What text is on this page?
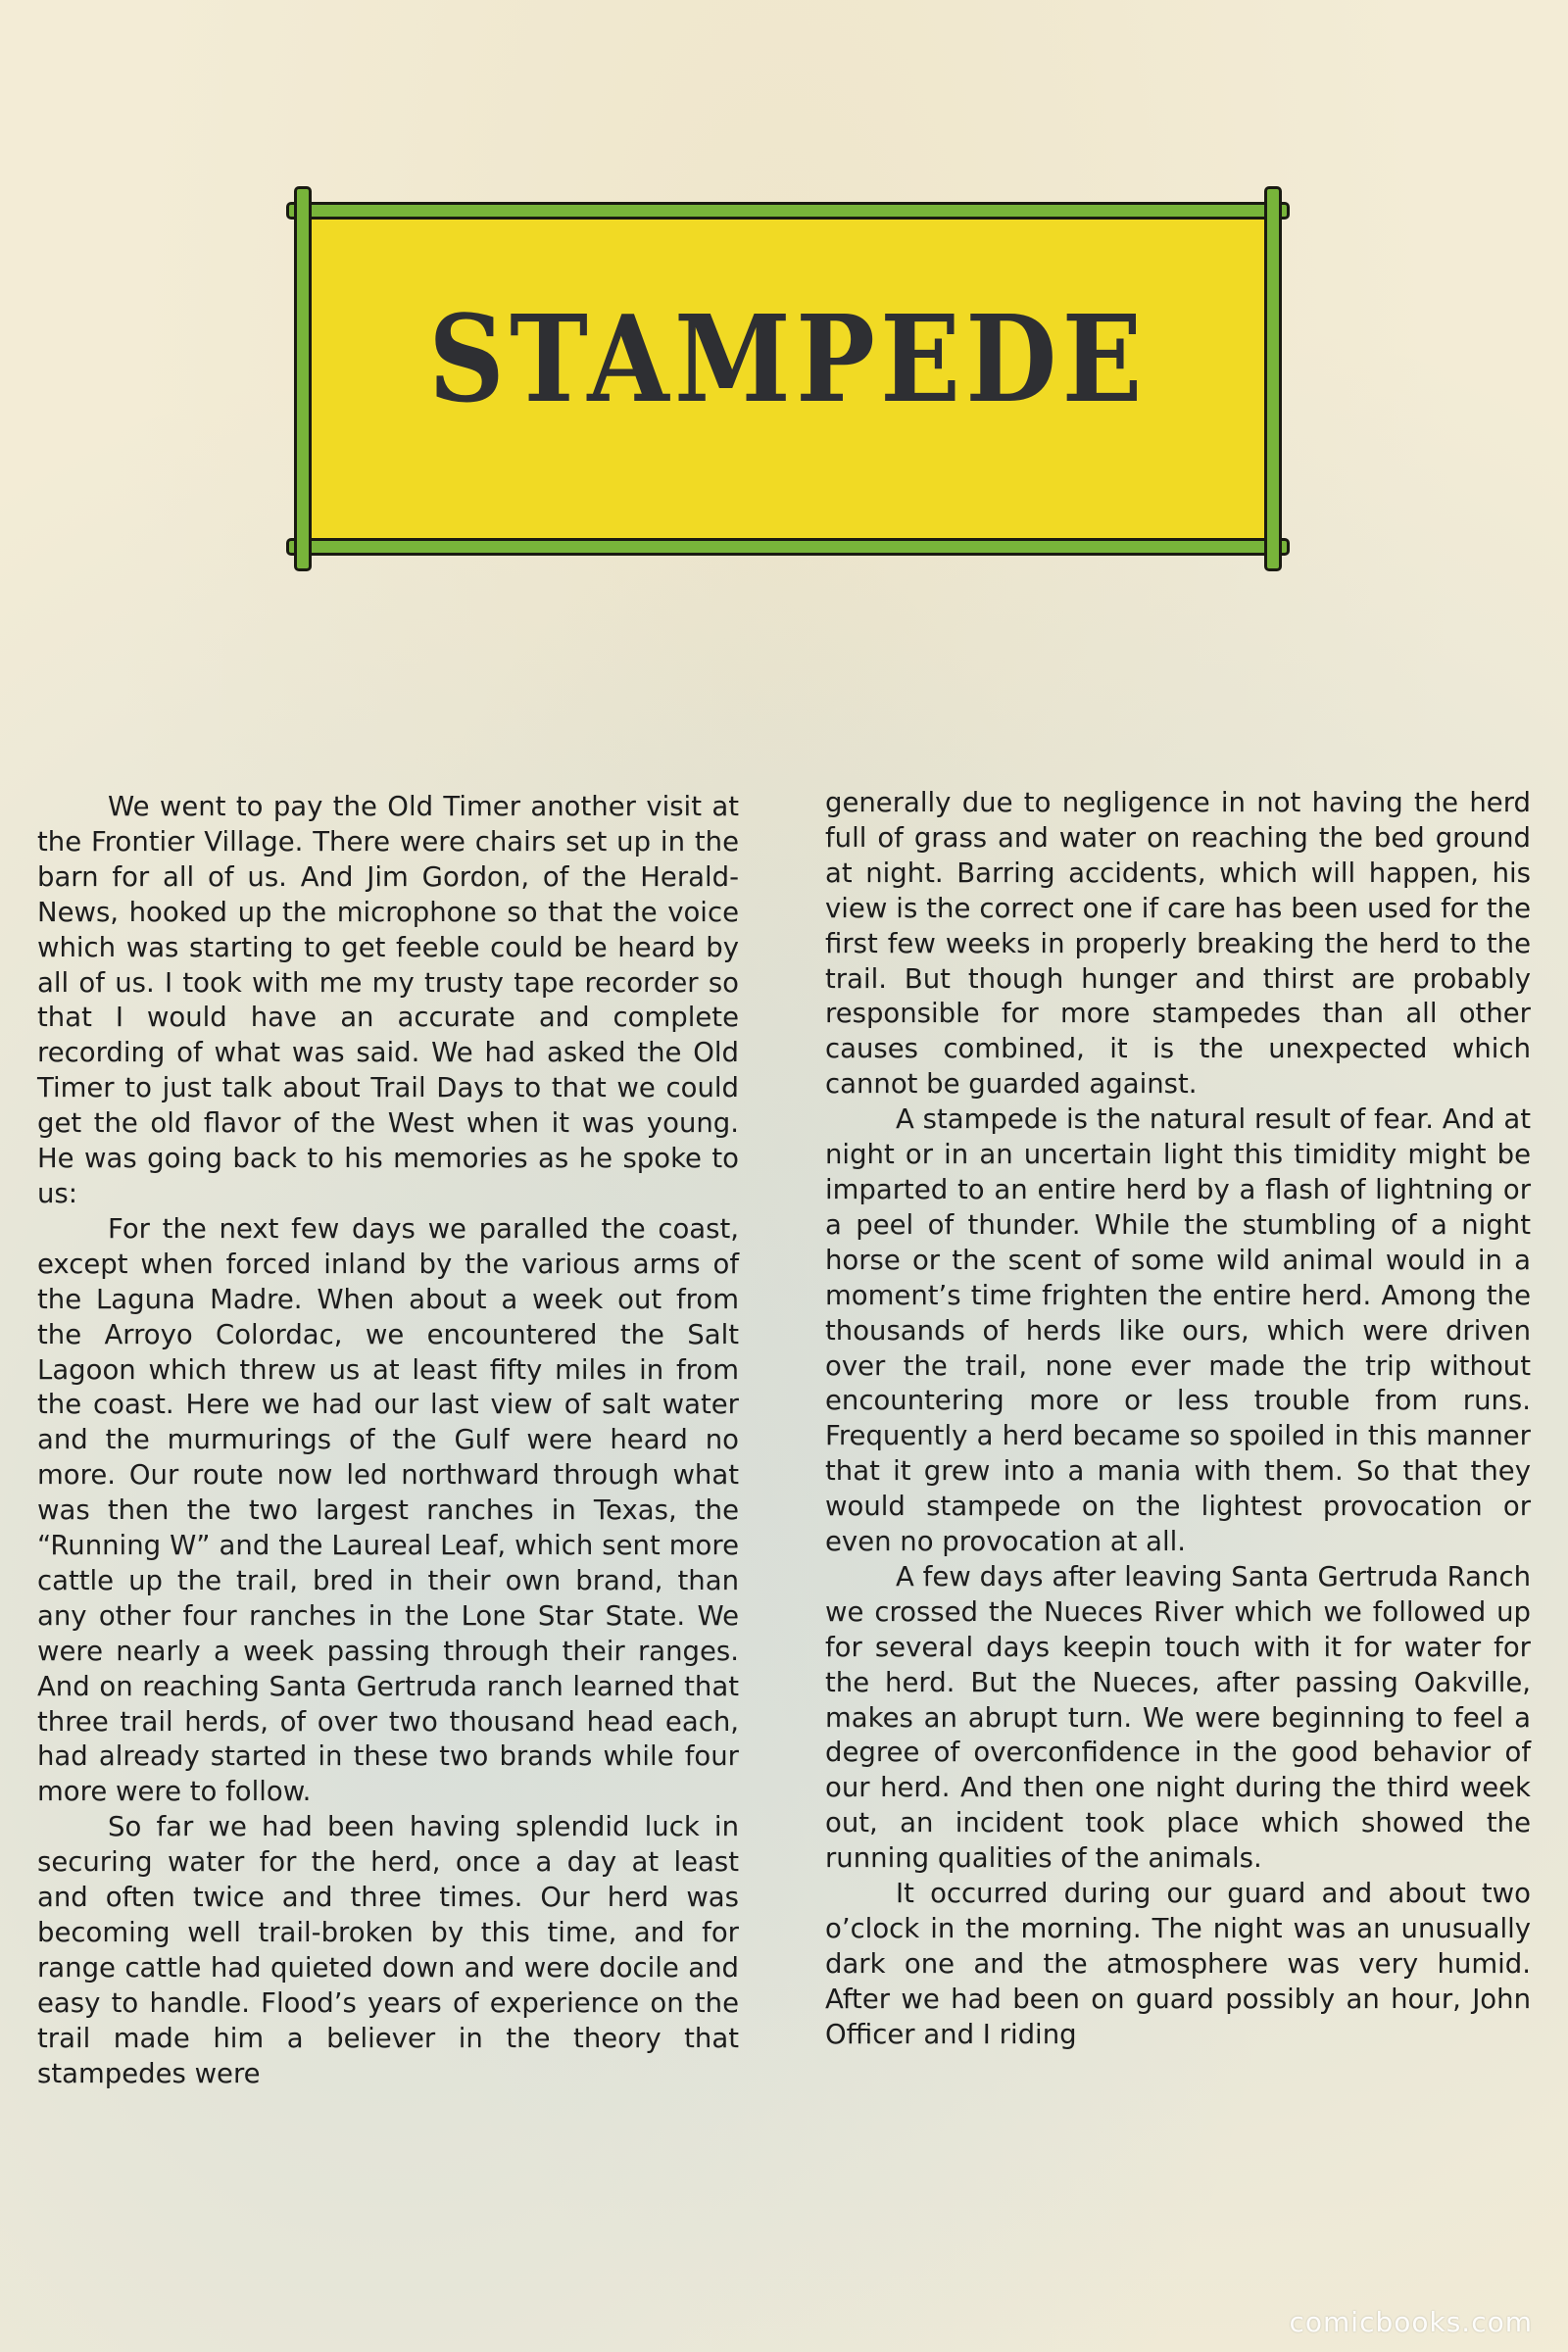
STAMPEDE

We went to pay the Old Timer another visit at the Frontier Village. There were chairs set up in the barn for all of us. And Jim Gordon, of the Herald-News, hooked up the microphone so that the voice which was starting to get feeble could be heard by all of us. I took with me my trusty tape recorder so that I would have an accurate and complete recording of what was said. We had asked the Old Timer to just talk about Trail Days to that we could get the old flavor of the West when it was young. He was going back to his memories as he spoke to us:

For the next few days we paralled the coast, except when forced inland by the various arms of the Laguna Madre. When about a week out from the Arroyo Colordac, we encountered the Salt Lagoon which threw us at least fifty miles in from the coast. Here we had our last view of salt water and the murmurings of the Gulf were heard no more. Our route now led northward through what was then the two largest ranches in Texas, the “Running W” and the Laureal Leaf, which sent more cattle up the trail, bred in their own brand, than any other four ranches in the Lone Star State. We were nearly a week passing through their ranges. And on reaching Santa Gertruda ranch learned that three trail herds, of over two thousand head each, had already started in these two brands while four more were to follow.

So far we had been having splendid luck in securing water for the herd, once a day at least and often twice and three times. Our herd was becoming well trail-broken by this time, and for range cattle had quieted down and were docile and easy to handle. Flood’s years of experience on the trail made him a believer in the theory that stampedes were

generally due to negligence in not having the herd full of grass and water on reaching the bed ground at night. Barring accidents, which will happen, his view is the correct one if care has been used for the first few weeks in properly breaking the herd to the trail. But though hunger and thirst are probably responsible for more stampedes than all other causes combined, it is the unexpected which cannot be guarded against.

A stampede is the natural result of fear. And at night or in an uncertain light this timidity might be imparted to an entire herd by a flash of lightning or a peel of thunder. While the stumbling of a night horse or the scent of some wild animal would in a moment’s time frighten the entire herd. Among the thousands of herds like ours, which were driven over the trail, none ever made the trip without encountering more or less trouble from runs. Frequently a herd became so spoiled in this manner that it grew into a mania with them. So that they would stampede on the lightest provocation or even no provocation at all.

A few days after leaving Santa Gertruda Ranch we crossed the Nueces River which we followed up for several days keepin touch with it for water for the herd. But the Nueces, after passing Oakville, makes an abrupt turn. We were beginning to feel a degree of overconfidence in the good behavior of our herd. And then one night during the third week out, an incident took place which showed the running qualities of the animals.

It occurred during our guard and about two o’clock in the morning. The night was an unusually dark one and the atmosphere was very humid. After we had been on guard possibly an hour, John Officer and I riding

comicbooks.com
